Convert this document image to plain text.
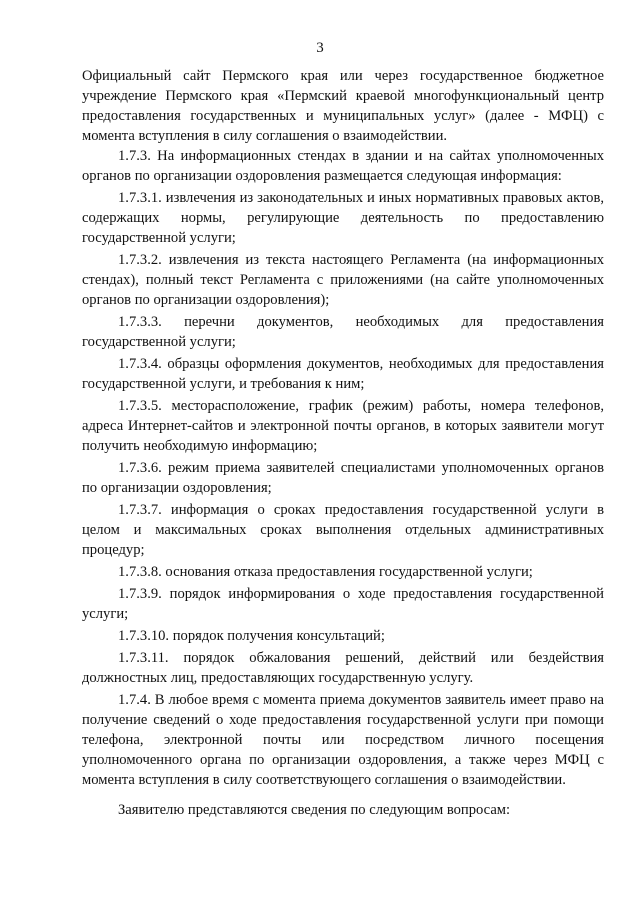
3

Официальный сайт Пермского края или через государственное бюджетное учреждение Пермского края «Пермский краевой многофункциональный центр предоставления государственных и муниципальных услуг» (далее - МФЦ) с момента вступления в силу соглашения о взаимодействии.

1.7.3. На информационных стендах в здании и на сайтах уполномоченных органов по организации оздоровления размещается следующая информация:

1.7.3.1. извлечения из законодательных и иных нормативных правовых актов, содержащих нормы, регулирующие деятельность по предоставлению государственной услуги;

1.7.3.2. извлечения из текста настоящего Регламента (на информационных стендах), полный текст Регламента с приложениями (на сайте уполномоченных органов по организации оздоровления);

1.7.3.3. перечни документов, необходимых для предоставления государственной услуги;

1.7.3.4. образцы оформления документов, необходимых для предоставления государственной услуги, и требования к ним;

1.7.3.5. месторасположение, график (режим) работы, номера телефонов, адреса Интернет-сайтов и электронной почты органов, в которых заявители могут получить необходимую информацию;

1.7.3.6. режим приема заявителей специалистами уполномоченных органов по организации оздоровления;

1.7.3.7. информация о сроках предоставления государственной услуги в целом и максимальных сроках выполнения отдельных административных процедур;

1.7.3.8. основания отказа предоставления государственной услуги;

1.7.3.9. порядок информирования о ходе предоставления государственной услуги;

1.7.3.10. порядок получения консультаций;

1.7.3.11. порядок обжалования решений, действий или бездействия должностных лиц, предоставляющих государственную услугу.

1.7.4. В любое время с момента приема документов заявитель имеет право на получение сведений о ходе предоставления государственной услуги при помощи телефона, электронной почты или посредством личного посещения уполномоченного органа по организации оздоровления, а также через МФЦ с момента вступления в силу соответствующего соглашения о взаимодействии.

Заявителю представляются сведения по следующим вопросам:
